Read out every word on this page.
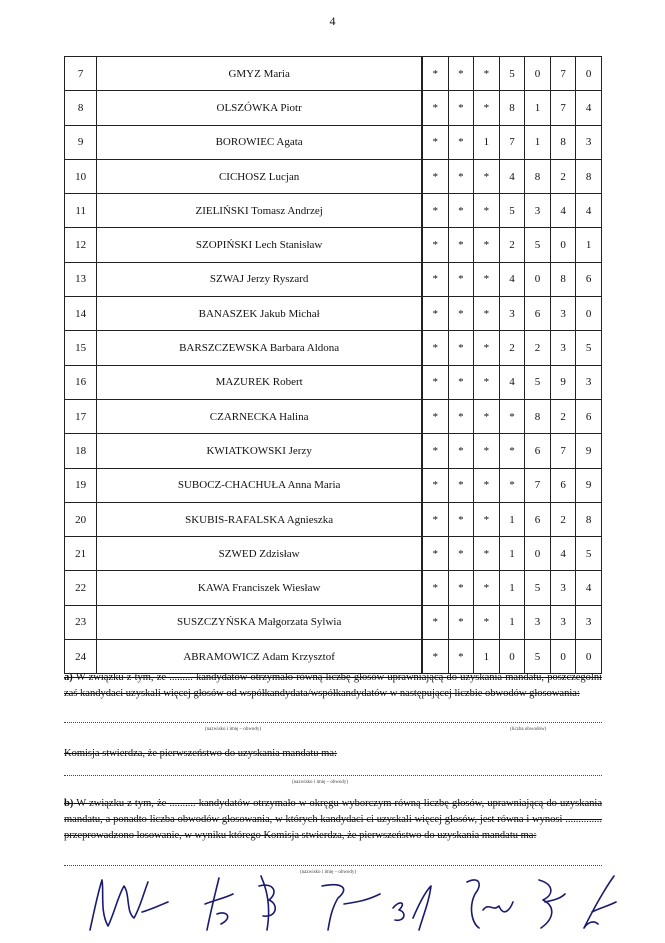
4
7	GMYZ Maria		*	*	*	5	0	7	0
8	OLSZÓWKA Piotr		*	*	*	8	1	7	4
9	BOROWIEC Agata		*	*	1	7	1	8	3
10	CICHOSZ Lucjan		*	*	*	4	8	2	8
11	ZIELIŃSKI Tomasz Andrzej		*	*	*	5	3	4	4
12	SZOPIŃSKI Lech Stanisław		*	*	*	2	5	0	1
13	SZWAJ Jerzy Ryszard		*	*	*	4	0	8	6
14	BANASZEK Jakub Michał		*	*	*	3	6	3	0
15	BARSZCZEWSKA Barbara Aldona		*	*	*	2	2	3	5
16	MAZUREK Robert		*	*	*	4	5	9	3
17	CZARNECKA Halina		*	*	*	*	8	2	6
18	KWIATKOWSKI Jerzy		*	*	*	*	6	7	9
19	SUBOCZ-CHACHUŁA Anna Maria		*	*	*	*	7	6	9
20	SKUBIS-RAFALSKA Agnieszka		*	*	*	1	6	2	8
21	SZWED Zdzisław		*	*	*	1	0	4	5
22	KAWA Franciszek Wiesław		*	*	*	1	5	3	4
23	SUSZCZYŃSKA Małgorzata Sylwia		*	*	*	1	3	3	3
24	ABRAMOWICZ Adam Krzysztof		*	*	1	0	5	0	0
a) W związku z tym, że ......... kandydatów otrzymało równą liczbę głosów uprawniającą do uzyskania mandatu, poszczególni zaś kandydaci uzyskali więcej głosów od współkandydata/współkandydatów w następującej liczbie obwodów głosowania:
(nazwisko i imię – obwody)	(liczba obwodów)
Komisja stwierdza, że pierwszeństwo do uzyskania mandatu ma:
(nazwisko i imię – obwody)
b) W związku z tym, że .......... kandydatów otrzymało w okręgu wyborczym równą liczbę głosów, uprawniającą do uzyskania mandatu, a ponadto liczba obwodów głosowania, w których kandydaci ci uzyskali więcej głosów, jest równa i wynosi .............. przeprowadzono losowanie, w wyniku którego Komisja stwierdza, że pierwszeństwo do uzyskania mandatu ma:
(nazwisko i imię – obwody)
